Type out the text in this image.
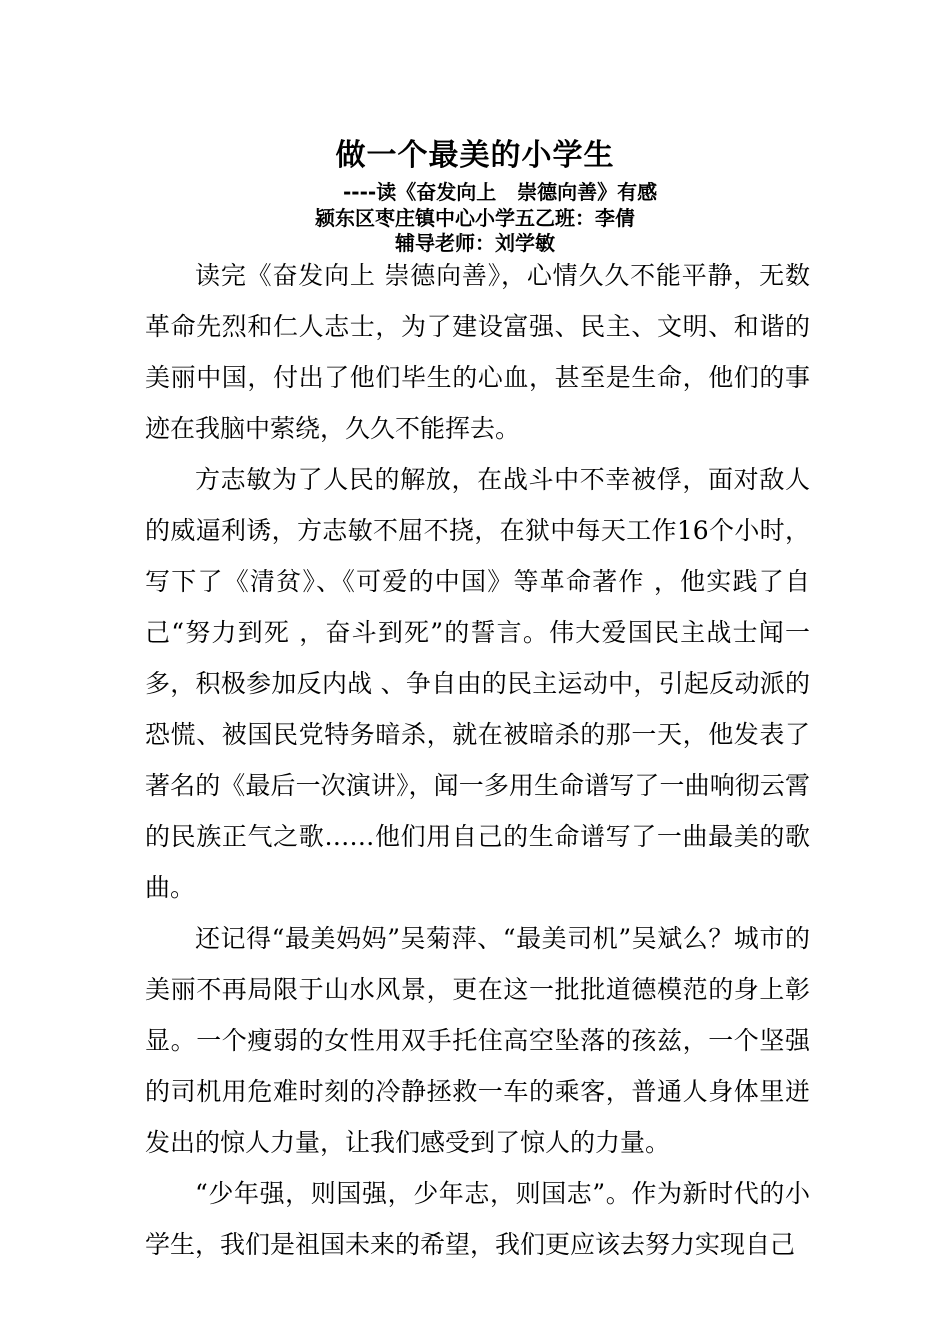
做一个最美的小学生
----读《奋发向上   崇德向善》有感
颍东区枣庄镇中心小学五乙班：李倩
辅导老师：刘学敏

读完《奋发向上 崇德向善》，心情久久不能平静，无数革命先烈和仁人志士，为了建设富强、民主、文明、和谐的美丽中国，付出了他们毕生的心血，甚至是生命，他们的事迹在我脑中萦绕，久久不能挥去。

方志敏为了人民的解放，在战斗中不幸被俘，面对敌人的威逼利诱，方志敏不屈不挠，在狱中每天工作16个小时，写下了《清贫》、《可爱的中国》等革命著作 ，他实践了自己“努力到死 ，奋斗到死”的誓言。伟大爱国民主战士闻一多，积极参加反内战 、争自由的民主运动中，引起反动派的恐慌、被国民党特务暗杀，就在被暗杀的那一天，他发表了著名的《最后一次演讲》，闻一多用生命谱写了一曲响彻云霄的民族正气之歌……他们用自己的生命谱写了一曲最美的歌曲。

还记得“最美妈妈”吴菊萍、“最美司机”吴斌么？城市的美丽不再局限于山水风景，更在这一批批道德模范的身上彰显。一个瘦弱的女性用双手托住高空坠落的孩兹，一个坚强的司机用危难时刻的冷静拯救一车的乘客，普通人身体里迸发出的惊人力量，让我们感受到了惊人的力量。

“少年强，则国强，少年志，则国志”。作为新时代的小学生，我们是祖国未来的希望，我们更应该去努力实现自己
